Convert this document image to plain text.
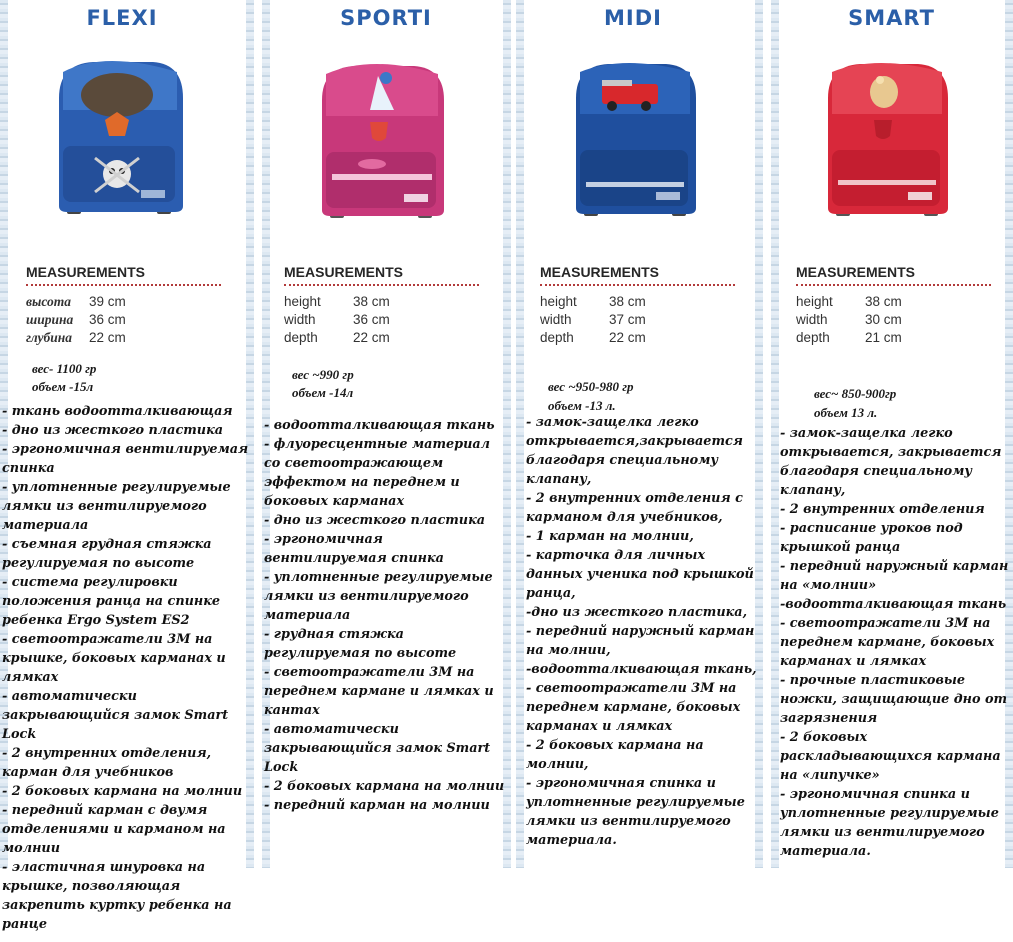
FLEXI
MEASUREMENTS
высота	39 cm
ширина	36 cm
глубина	22 cm
вес- 1100 гр
объем -15л
- ткань водоотталкивающая
- дно из жесткого пластика
- эргономичная вентилируемая спинка
- уплотненные регулируемые лямки из вентилируемого материала
- съемная грудная стяжка регулируемая по высоте
- система регулировки положения ранца на спинке ребенка Ergo System ES2
- светоотражатели 3М на крышке, боковых карманах и лямках
- автоматически закрывающийся замок Smart Lock
- 2 внутренних отделения, карман для учебников
- 2 боковых кармана на молнии
- передний карман с двумя отделениями и карманом на молнии
- эластичная шнуровка на крышке, позволяющая закрепить куртку ребенка на ранце
SPORTI
MEASUREMENTS
height	38 cm
width	36 cm
depth	22 cm
вес ~990 гр
объем -14л
- водоотталкивающая ткань
- флуоресцентные материал со светоотражающем эффектом на переднем и боковых карманах
- дно из жесткого пластика
- эргономичная вентилируемая спинка
- уплотненные регулируемые лямки из вентилируемого материала
- грудная стяжка регулируемая по высоте
- светоотражатели 3М на переднем кармане и лямках и кантах
- автоматически закрывающийся замок Smart Lock
- 2 боковых кармана на молнии
- передний карман на молнии
MIDI
MEASUREMENTS
height	38 cm
width	37 cm
depth	22 cm
вес ~950-980 гр
объем -13 л.
- замок-защелка легко открывается,закрывается благодаря специальному клапану,
- 2 внутренних отделения с карманом для учебников,
- 1 карман на молнии,
- карточка для личных данных ученика под крышкой ранца,
-дно из жесткого пластика,
- передний наружный карман на молнии,
-водоотталкивающая ткань,
- светоотражатели 3М на переднем кармане, боковых карманах и лямках
- 2 боковых кармана на молнии,
- эргономичная спинка и уплотненные регулируемые лямки из вентилируемого материала.
SMART
MEASUREMENTS
height	38 cm
width	30 cm
depth	21 cm
вес~ 850-900гр
объем 13 л.
- замок-защелка легко открывается, закрывается благодаря специальному клапану,
- 2 внутренних отделения
- расписание уроков под крышкой ранца
- передний наружный карман на «молнии»
-водоотталкивающая ткань
- светоотражатели 3М на переднем кармане, боковых карманах и лямках
- прочные пластиковые ножки, защищающие дно от загрязнения
- 2 боковых раскладывающихся кармана на «липучке»
- эргономичная спинка и уплотненные регулируемые лямки из вентилируемого материала.
